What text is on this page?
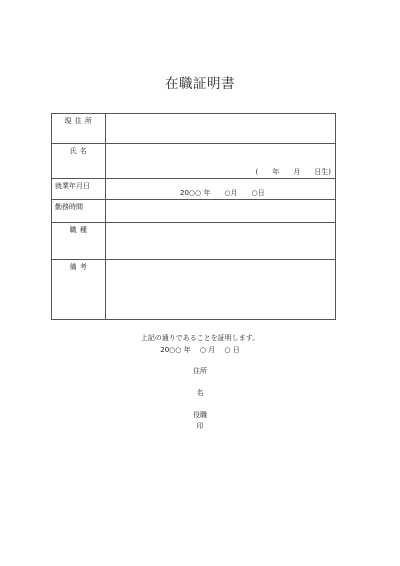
在職証明書
現 住 所	

氏 名	(　　年　　月　　日生)

就業年月日	20○○ 年　　○月　　○日

勤務時間	

職 種	

備 考	

上記の通りであることを証明します。
20○○ 年　 ○ 月　 ○ 日
住所
名
役職
印
